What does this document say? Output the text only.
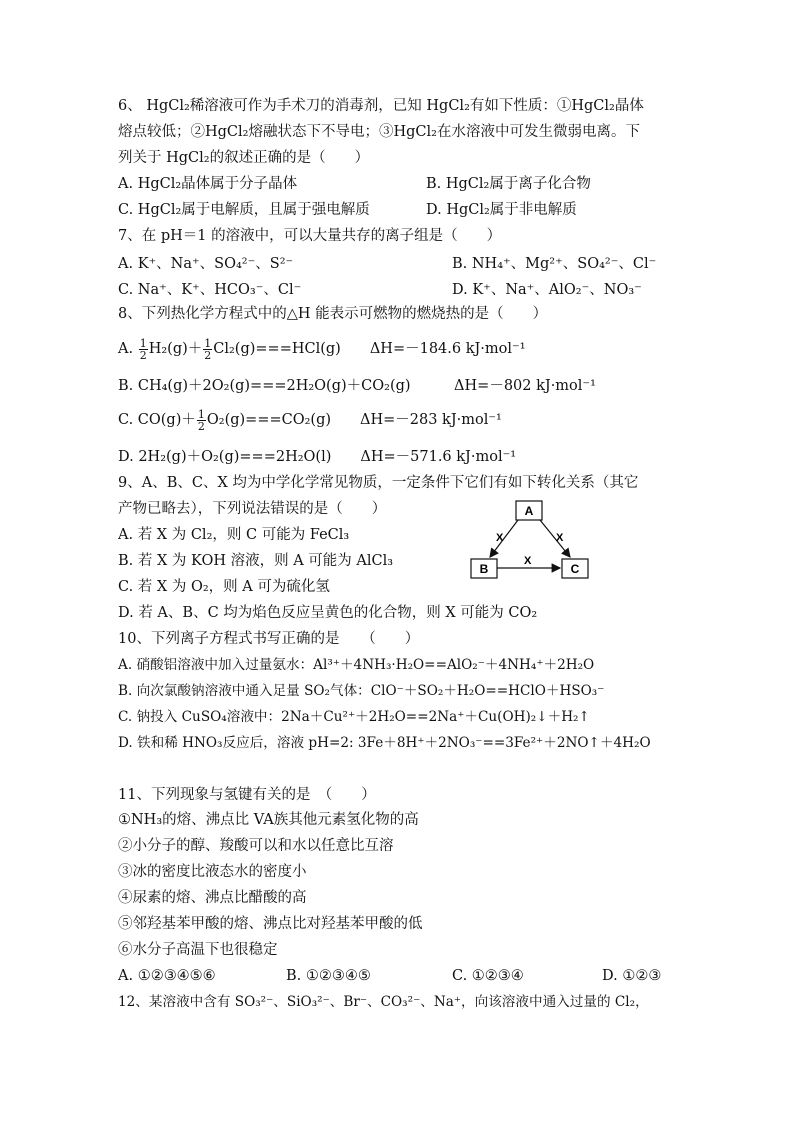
6、 HgCl₂稀溶液可作为手术刀的消毒剂，已知 HgCl₂有如下性质：①HgCl₂晶体
熔点较低；②HgCl₂熔融状态下不导电；③HgCl₂在水溶液中可发生微弱电离。下
列关于 HgCl₂的叙述正确的是（　　）
A. HgCl₂晶体属于分子晶体	B. HgCl₂属于离子化合物
C. HgCl₂属于电解质，且属于强电解质	D. HgCl₂属于非电解质
7、在 pH＝1 的溶液中，可以大量共存的离子组是（　　）
A. K⁺、Na⁺、SO₄²⁻、S²⁻	B. NH₄⁺、Mg²⁺、SO₄²⁻、Cl⁻
C. Na⁺、K⁺、HCO₃⁻、Cl⁻	D. K⁺、Na⁺、AlO₂⁻、NO₃⁻
8、下列热化学方程式中的△H 能表示可燃物的燃烧热的是（　　）
A. $\frac{1}{2} H_2(g)+ \frac{1}{2} Cl_2(g)===HCl(g)$　　ΔH=－184.6 kJ·mol⁻¹
B. CH₄(g)＋2O₂(g)===2H₂O(g)＋CO₂(g)　　　ΔH=－802 kJ·mol⁻¹
C. $CO(g)+ \frac{1}{2} O_2(g)===CO_2(g)$　　ΔH=－283 kJ·mol⁻¹
D. 2H₂(g)＋O₂(g)===2H₂O(l)　　ΔH=－571.6 kJ·mol⁻¹
9、A、B、C、X 均为中学化学常见物质，一定条件下它们有如下转化关系（其它
产物已略去），下列说法错误的是（　　）
A. 若 X 为 Cl₂，则 C 可能为 FeCl₃
B. 若 X 为 KOH 溶液，则 A 可能为 AlCl₃
C. 若 X 为 O₂，则 A 可为硫化氢
D. 若 A、B、C 均为焰色反应呈黄色的化合物，则 X 可能为 CO₂
A
B	C
X	X
X
10、下列离子方程式书写正确的是　　（　　）
A. 硝酸铝溶液中加入过量氨水：Al³⁺＋4NH₃·H₂O==AlO₂⁻＋4NH₄⁺＋2H₂O
B. 向次氯酸钠溶液中通入足量 SO₂气体：ClO⁻＋SO₂＋H₂O==HClO＋HSO₃⁻
C. 钠投入 CuSO₄溶液中：2Na＋Cu²⁺＋2H₂O==2Na⁺＋Cu(OH)₂↓＋H₂↑
D. 铁和稀 HNO₃反应后，溶液 pH=2: 3Fe＋8H⁺＋2NO₃⁻==3Fe²⁺＋2NO↑＋4H₂O
11、下列现象与氢键有关的是　（　　）
①NH₃的熔、沸点比 VA族其他元素氢化物的高
②小分子的醇、羧酸可以和水以任意比互溶
③冰的密度比液态水的密度小
④尿素的熔、沸点比醋酸的高
⑤邻羟基苯甲酸的熔、沸点比对羟基苯甲酸的低
⑥水分子高温下也很稳定
A. ①②③④⑤⑥	B. ①②③④⑤	C. ①②③④	D. ①②③
12、某溶液中含有 SO₃²⁻、SiO₃²⁻、Br⁻、CO₃²⁻、Na⁺，向该溶液中通入过量的 Cl₂，
